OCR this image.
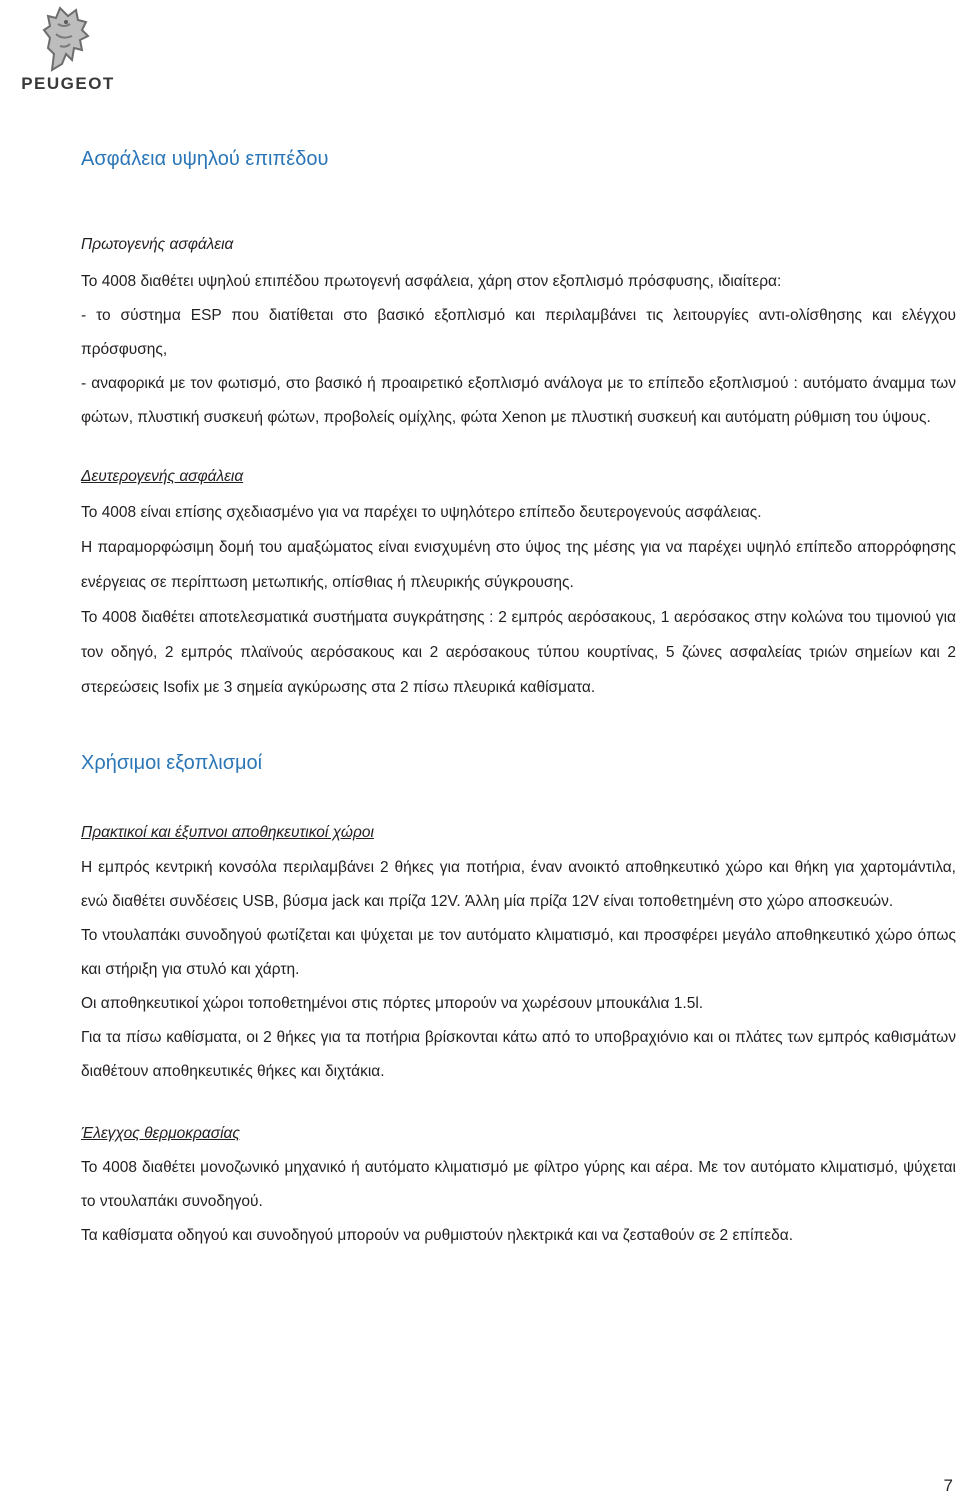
PEUGEOT
Ασφάλεια υψηλού επιπέδου
Πρωτογενής ασφάλεια

Το 4008 διαθέτει υψηλού επιπέδου πρωτογενή ασφάλεια, χάρη στον εξοπλισμό πρόσφυσης, ιδιαίτερα:

- το σύστημα ESP που διατίθεται στο βασικό εξοπλισμό και περιλαμβάνει τις λειτουργίες αντι-ολίσθησης και ελέγχου πρόσφυσης,

- αναφορικά με τον φωτισμό, στο βασικό ή προαιρετικό εξοπλισμό ανάλογα με το επίπεδο εξοπλισμού : αυτόματο άναμμα των φώτων, πλυστική συσκευή φώτων, προβολείς ομίχλης, φώτα Xenon με πλυστική συσκευή και αυτόματη ρύθμιση του ύψους.

Δευτερογενής ασφάλεια

Το 4008 είναι επίσης σχεδιασμένο για να παρέχει το υψηλότερο επίπεδο δευτερογενούς ασφάλειας.

Η παραμορφώσιμη δομή του αμαξώματος είναι ενισχυμένη στο ύψος της μέσης για να παρέχει υψηλό επίπεδο απορρόφησης ενέργειας σε περίπτωση μετωπικής, οπίσθιας ή πλευρικής σύγκρουσης.

Το 4008 διαθέτει αποτελεσματικά συστήματα συγκράτησης : 2 εμπρός αερόσακους, 1 αερόσακος στην κολώνα του τιμονιού για τον οδηγό, 2 εμπρός πλαϊνούς αερόσακους και 2 αερόσακους τύπου κουρτίνας, 5 ζώνες ασφαλείας τριών σημείων και 2 στερεώσεις Isofix με 3 σημεία αγκύρωσης στα 2 πίσω πλευρικά καθίσματα.

Χρήσιμοι εξοπλισμοί
Πρακτικοί και έξυπνοι αποθηκευτικοί χώροι

Η εμπρός κεντρική κονσόλα περιλαμβάνει 2 θήκες για ποτήρια, έναν ανοικτό αποθηκευτικό χώρο και θήκη για χαρτομάντιλα, ενώ διαθέτει συνδέσεις USB, βύσμα jack και πρίζα 12V. Άλλη μία πρίζα 12V είναι τοποθετημένη στο χώρο αποσκευών.

Το ντουλαπάκι συνοδηγού φωτίζεται και ψύχεται με τον αυτόματο κλιματισμό, και προσφέρει μεγάλο αποθηκευτικό χώρο όπως και στήριξη για στυλό και χάρτη.

Οι αποθηκευτικοί χώροι τοποθετημένοι στις πόρτες μπορούν να χωρέσουν μπουκάλια 1.5l.

Για τα πίσω καθίσματα, οι 2 θήκες για τα ποτήρια βρίσκονται κάτω από το υποβραχιόνιο και οι πλάτες των εμπρός καθισμάτων διαθέτουν αποθηκευτικές θήκες και διχτάκια.

Έλεγχος θερμοκρασίας

Το 4008 διαθέτει μονοζωνικό μηχανικό ή αυτόματο κλιματισμό με φίλτρο γύρης και αέρα. Με τον αυτόματο κλιματισμό, ψύχεται το ντουλαπάκι συνοδηγού.

Τα καθίσματα οδηγού και συνοδηγού μπορούν να ρυθμιστούν ηλεκτρικά και να ζεσταθούν σε 2 επίπεδα.

7
